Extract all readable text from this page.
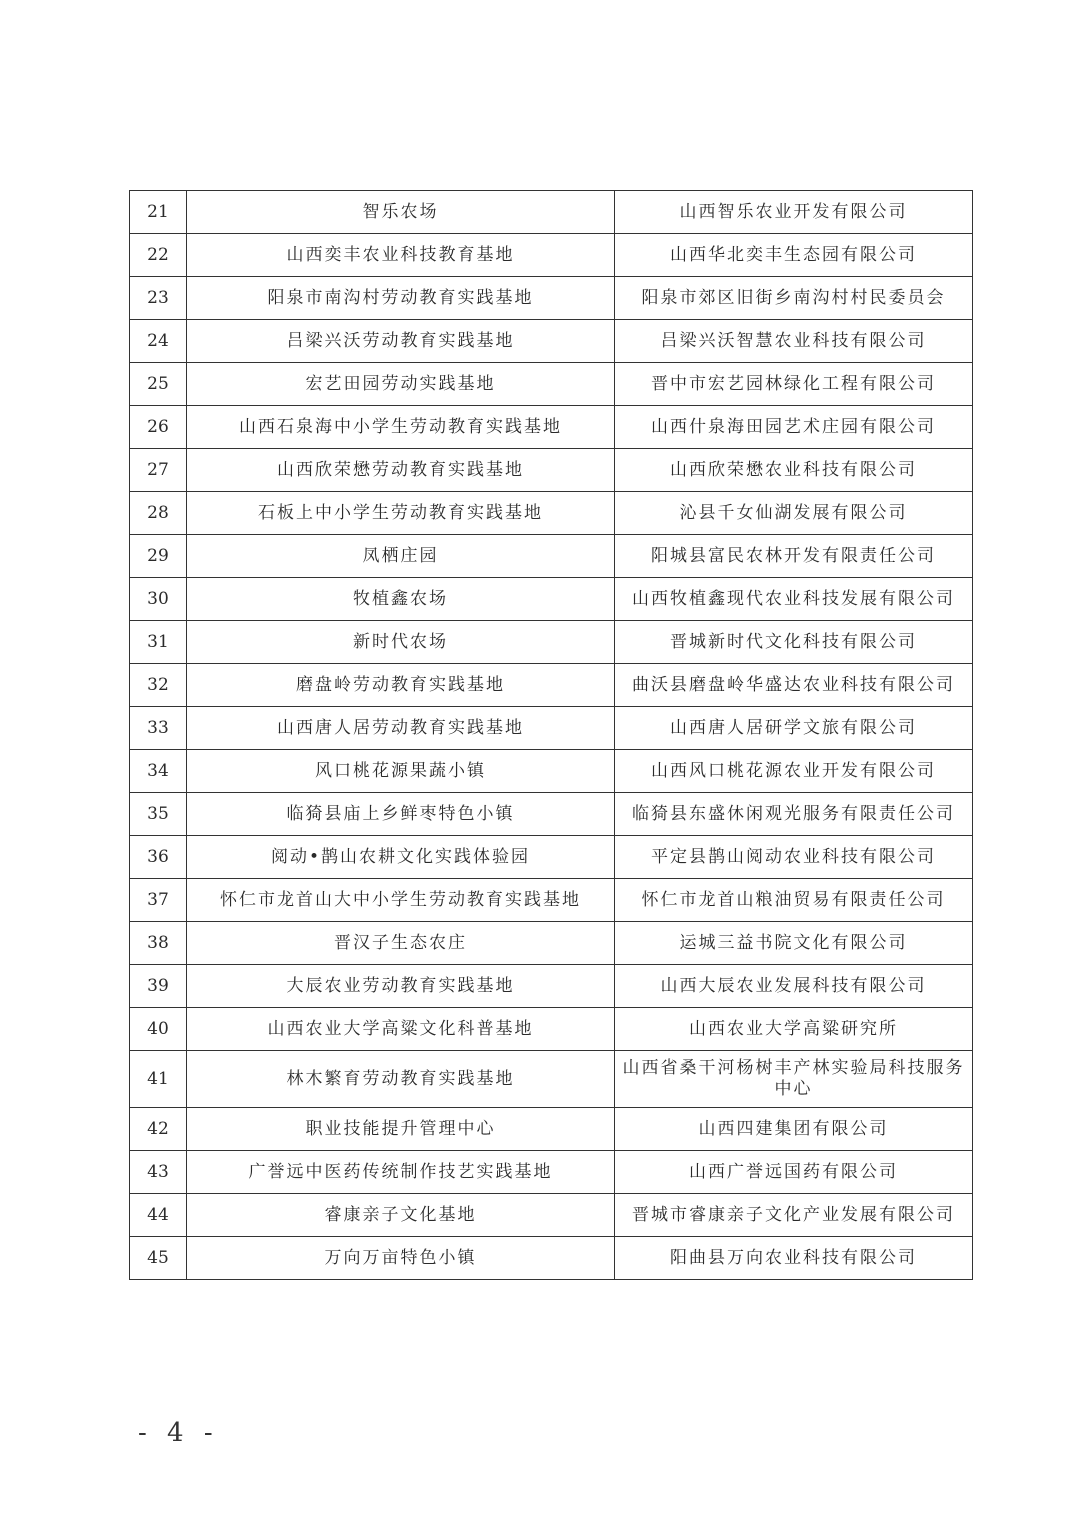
21	智乐农场	山西智乐农业开发有限公司
22	山西奕丰农业科技教育基地	山西华北奕丰生态园有限公司
23	阳泉市南沟村劳动教育实践基地	阳泉市郊区旧街乡南沟村村民委员会
24	吕梁兴沃劳动教育实践基地	吕梁兴沃智慧农业科技有限公司
25	宏艺田园劳动实践基地	晋中市宏艺园林绿化工程有限公司
26	山西石泉海中小学生劳动教育实践基地	山西什泉海田园艺术庄园有限公司
27	山西欣荣懋劳动教育实践基地	山西欣荣懋农业科技有限公司
28	石板上中小学生劳动教育实践基地	沁县千女仙湖发展有限公司
29	凤栖庄园	阳城县富民农林开发有限责任公司
30	牧植鑫农场	山西牧植鑫现代农业科技发展有限公司
31	新时代农场	晋城新时代文化科技有限公司
32	磨盘岭劳动教育实践基地	曲沃县磨盘岭华盛达农业科技有限公司
33	山西唐人居劳动教育实践基地	山西唐人居研学文旅有限公司
34	风口桃花源果蔬小镇	山西风口桃花源农业开发有限公司
35	临猗县庙上乡鲜枣特色小镇	临猗县东盛休闲观光服务有限责任公司
36	阅动•鹊山农耕文化实践体验园	平定县鹊山阅动农业科技有限公司
37	怀仁市龙首山大中小学生劳动教育实践基地	怀仁市龙首山粮油贸易有限责任公司
38	晋汉子生态农庄	运城三益书院文化有限公司
39	大辰农业劳动教育实践基地	山西大辰农业发展科技有限公司
40	山西农业大学高粱文化科普基地	山西农业大学高粱研究所
41	林木繁育劳动教育实践基地	山西省桑干河杨树丰产林实验局科技服务中心
42	职业技能提升管理中心	山西四建集团有限公司
43	广誉远中医药传统制作技艺实践基地	山西广誉远国药有限公司
44	睿康亲子文化基地	晋城市睿康亲子文化产业发展有限公司
45	万向万亩特色小镇	阳曲县万向农业科技有限公司
- 4 -
